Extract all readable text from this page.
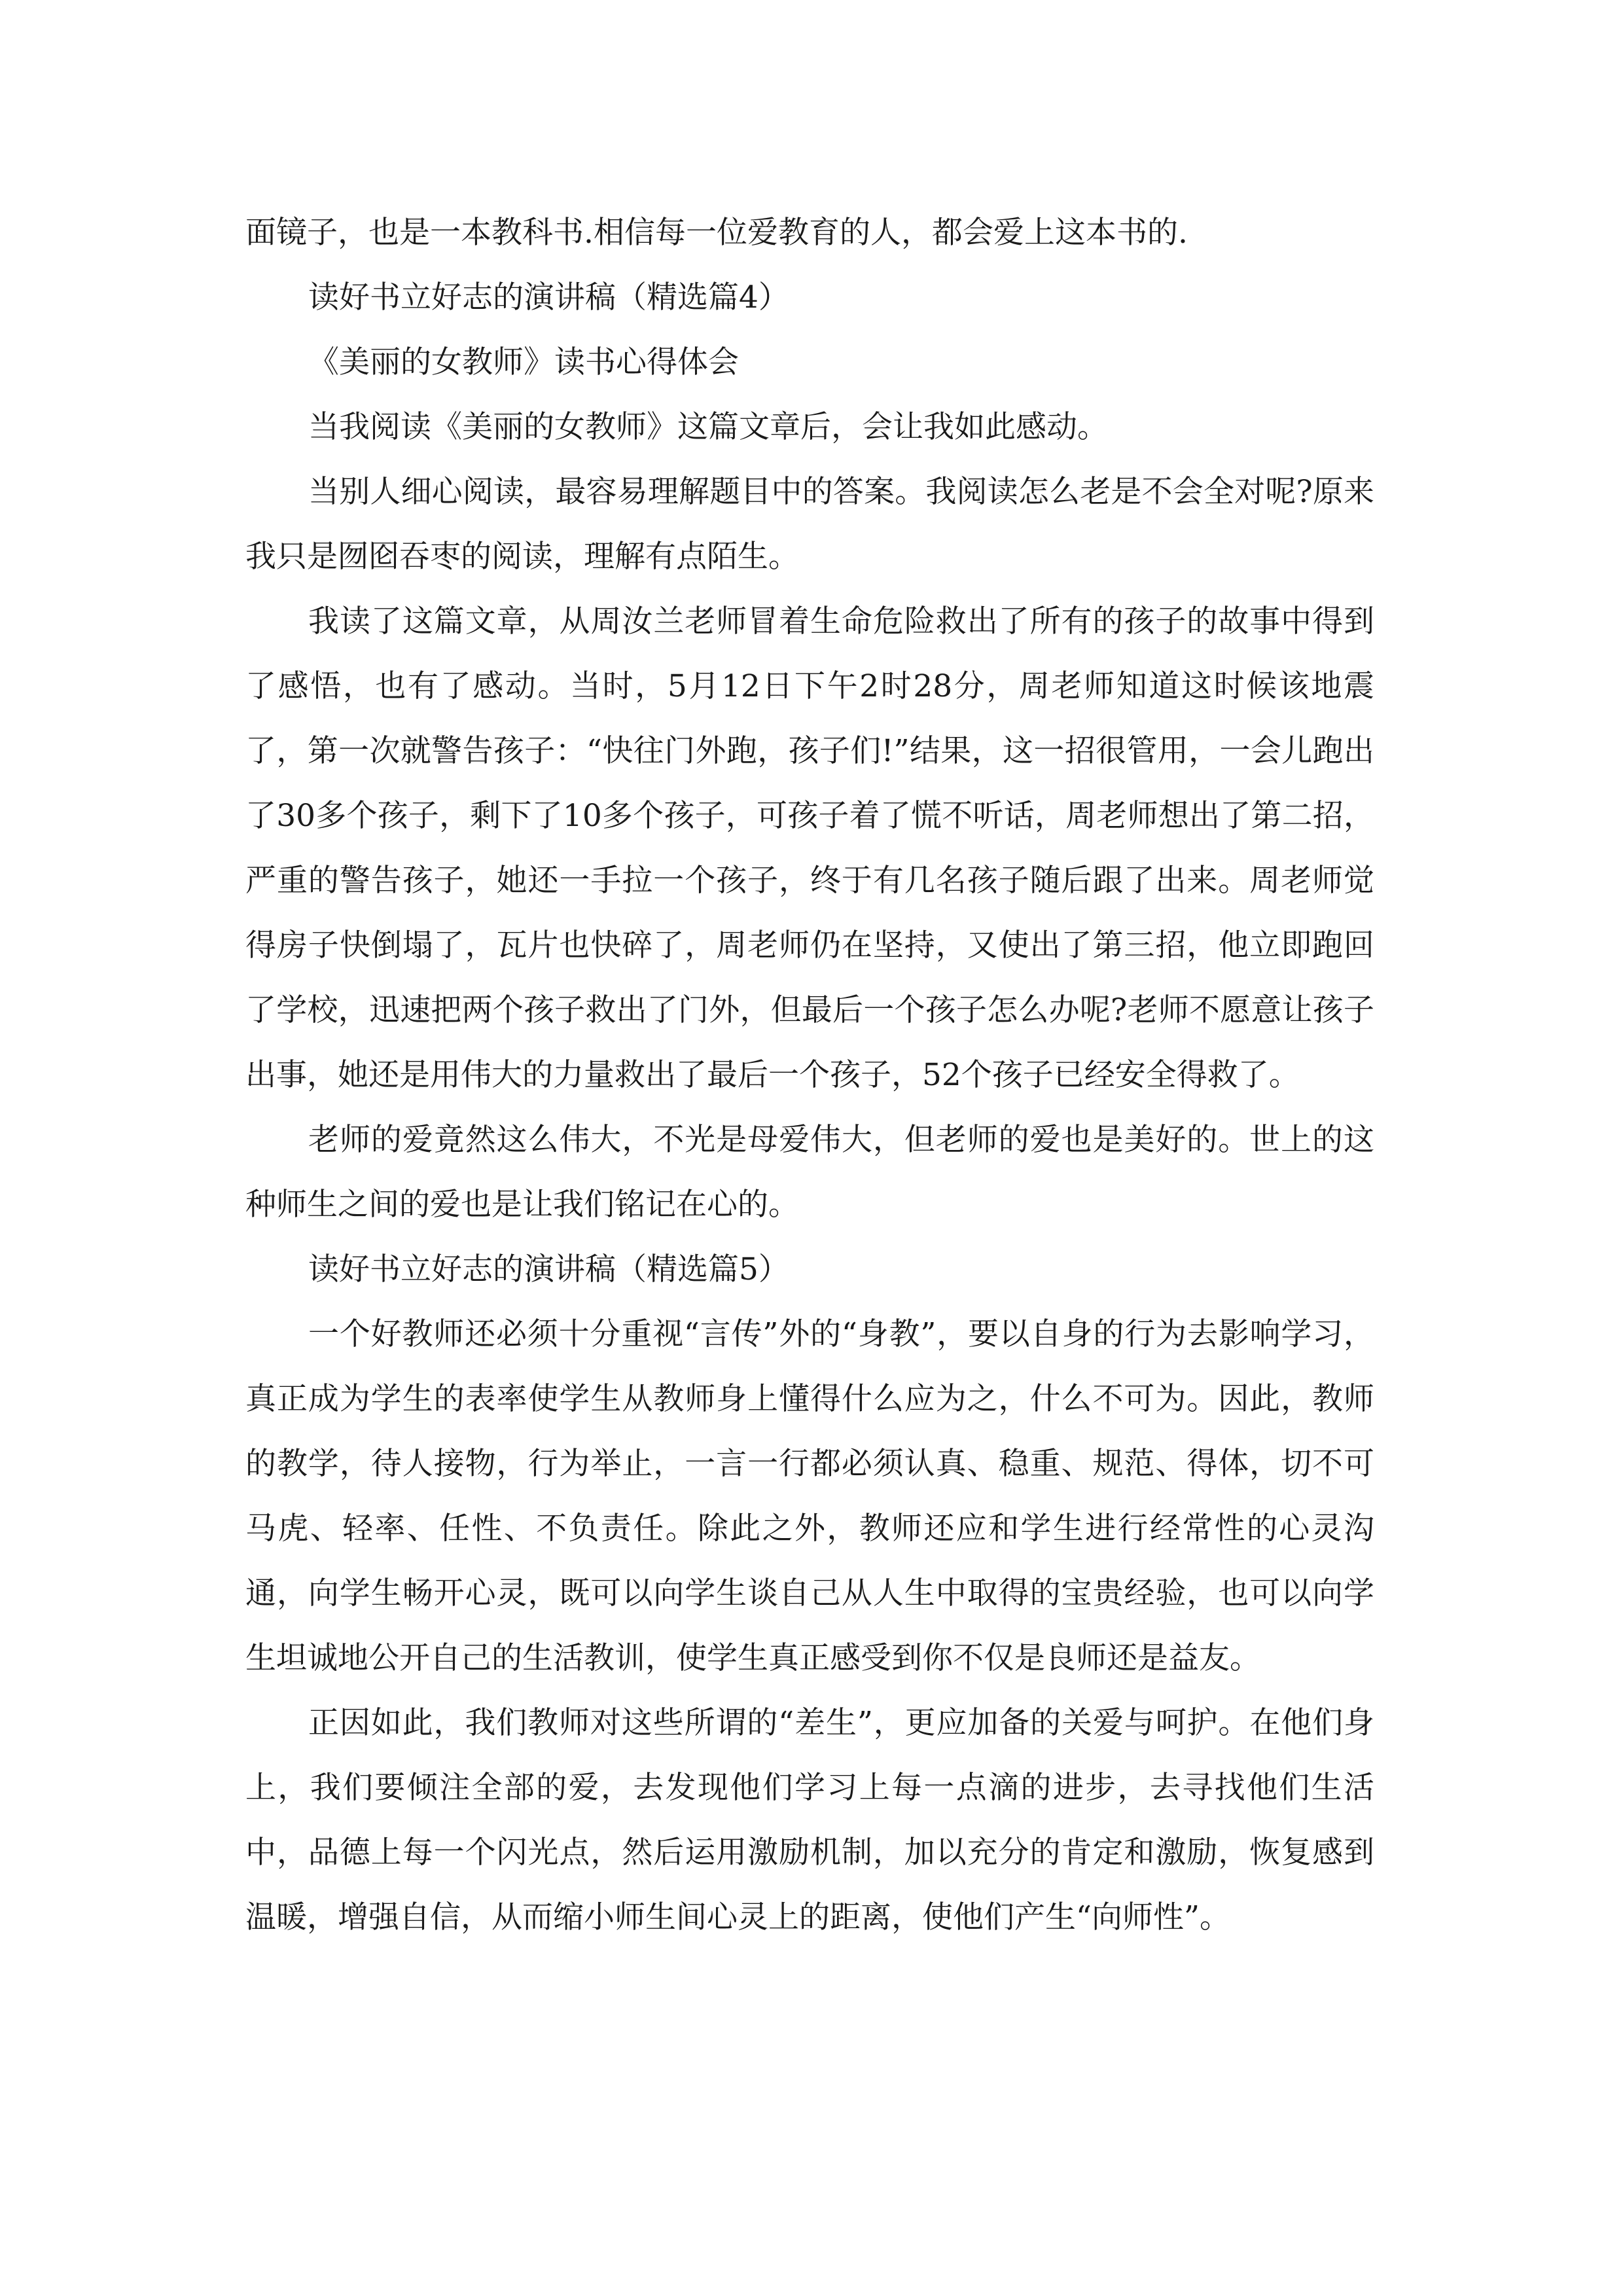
面镜子，也是一本教科书.相信每一位爱教育的人，都会爱上这本书的.

读好书立好志的演讲稿（精选篇4）

《美丽的女教师》读书心得体会

当我阅读《美丽的女教师》这篇文章后，会让我如此感动。

当别人细心阅读，最容易理解题目中的答案。我阅读怎么老是不会全对呢?原来我只是囫囵吞枣的阅读，理解有点陌生。

我读了这篇文章，从周汝兰老师冒着生命危险救出了所有的孩子的故事中得到了感悟，也有了感动。当时，5月12日下午2时28分，周老师知道这时候该地震了，第一次就警告孩子：“快往门外跑，孩子们!”结果，这一招很管用，一会儿跑出了30多个孩子，剩下了10多个孩子，可孩子着了慌不听话，周老师想出了第二招，严重的警告孩子，她还一手拉一个孩子，终于有几名孩子随后跟了出来。周老师觉得房子快倒塌了，瓦片也快碎了，周老师仍在坚持，又使出了第三招，他立即跑回了学校，迅速把两个孩子救出了门外，但最后一个孩子怎么办呢?老师不愿意让孩子出事，她还是用伟大的力量救出了最后一个孩子，52个孩子已经安全得救了。

老师的爱竟然这么伟大，不光是母爱伟大，但老师的爱也是美好的。世上的这种师生之间的爱也是让我们铭记在心的。

读好书立好志的演讲稿（精选篇5）

一个好教师还必须十分重视“言传”外的“身教”，要以自身的行为去影响学习，真正成为学生的表率使学生从教师身上懂得什么应为之，什么不可为。因此，教师的教学，待人接物，行为举止，一言一行都必须认真、稳重、规范、得体，切不可马虎、轻率、任性、不负责任。除此之外，教师还应和学生进行经常性的心灵沟通，向学生畅开心灵，既可以向学生谈自己从人生中取得的宝贵经验，也可以向学生坦诚地公开自己的生活教训，使学生真正感受到你不仅是良师还是益友。

正因如此，我们教师对这些所谓的“差生”，更应加备的关爱与呵护。在他们身上，我们要倾注全部的爱，去发现他们学习上每一点滴的进步，去寻找他们生活中，品德上每一个闪光点，然后运用激励机制，加以充分的肯定和激励，恢复感到温暖，增强自信，从而缩小师生间心灵上的距离，使他们产生“向师性”。
